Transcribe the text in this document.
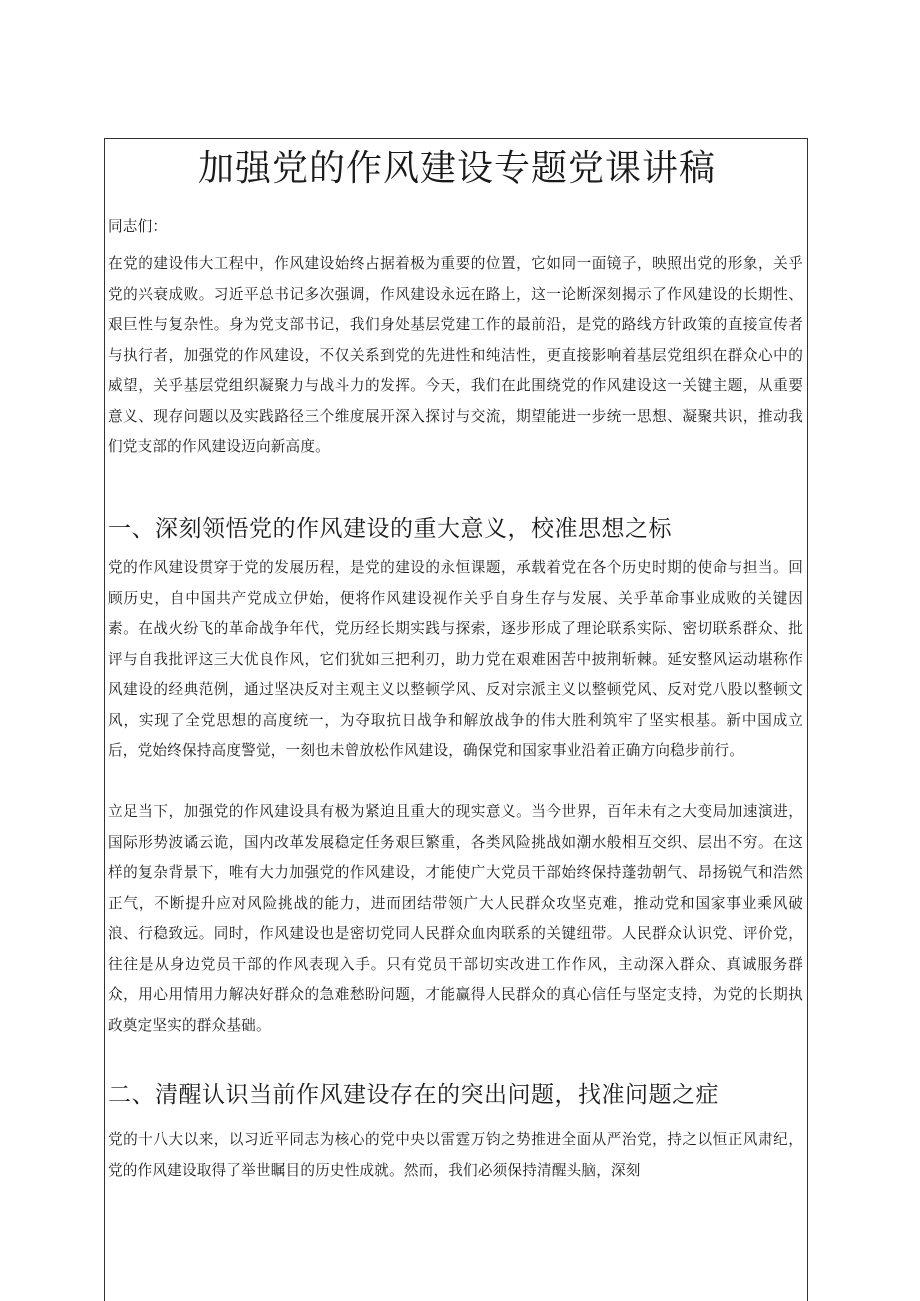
加强党的作风建设专题党课讲稿

同志们：

在党的建设伟大工程中，作风建设始终占据着极为重要的位置，它如同一面镜子，映照出党的形象，关乎党的兴衰成败。习近平总书记多次强调，作风建设永远在路上，这一论断深刻揭示了作风建设的长期性、艰巨性与复杂性。身为党支部书记，我们身处基层党建工作的最前沿，是党的路线方针政策的直接宣传者与执行者，加强党的作风建设，不仅关系到党的先进性和纯洁性，更直接影响着基层党组织在群众心中的威望，关乎基层党组织凝聚力与战斗力的发挥。今天，我们在此围绕党的作风建设这一关键主题，从重要意义、现存问题以及实践路径三个维度展开深入探讨与交流，期望能进一步统一思想、凝聚共识，推动我们党支部的作风建设迈向新高度。

一、深刻领悟党的作风建设的重大意义，校准思想之标

党的作风建设贯穿于党的发展历程，是党的建设的永恒课题，承载着党在各个历史时期的使命与担当。回顾历史，自中国共产党成立伊始，便将作风建设视作关乎自身生存与发展、关乎革命事业成败的关键因素。在战火纷飞的革命战争年代，党历经长期实践与探索，逐步形成了理论联系实际、密切联系群众、批评与自我批评这三大优良作风，它们犹如三把利刃，助力党在艰难困苦中披荆斩棘。延安整风运动堪称作风建设的经典范例，通过坚决反对主观主义以整顿学风、反对宗派主义以整顿党风、反对党八股以整顿文风，实现了全党思想的高度统一，为夺取抗日战争和解放战争的伟大胜利筑牢了坚实根基。新中国成立后，党始终保持高度警觉，一刻也未曾放松作风建设，确保党和国家事业沿着正确方向稳步前行。

立足当下，加强党的作风建设具有极为紧迫且重大的现实意义。当今世界，百年未有之大变局加速演进，国际形势波谲云诡，国内改革发展稳定任务艰巨繁重，各类风险挑战如潮水般相互交织、层出不穷。在这样的复杂背景下，唯有大力加强党的作风建设，才能使广大党员干部始终保持蓬勃朝气、昂扬锐气和浩然正气，不断提升应对风险挑战的能力，进而团结带领广大人民群众攻坚克难，推动党和国家事业乘风破浪、行稳致远。同时，作风建设也是密切党同人民群众血肉联系的关键纽带。人民群众认识党、评价党，往往是从身边党员干部的作风表现入手。只有党员干部切实改进工作作风，主动深入群众、真诚服务群众，用心用情用力解决好群众的急难愁盼问题，才能赢得人民群众的真心信任与坚定支持，为党的长期执政奠定坚实的群众基础。

二、清醒认识当前作风建设存在的突出问题，找准问题之症

党的十八大以来，以习近平同志为核心的党中央以雷霆万钧之势推进全面从严治党，持之以恒正风肃纪，党的作风建设取得了举世瞩目的历史性成就。然而，我们必须保持清醒头脑，深刻
